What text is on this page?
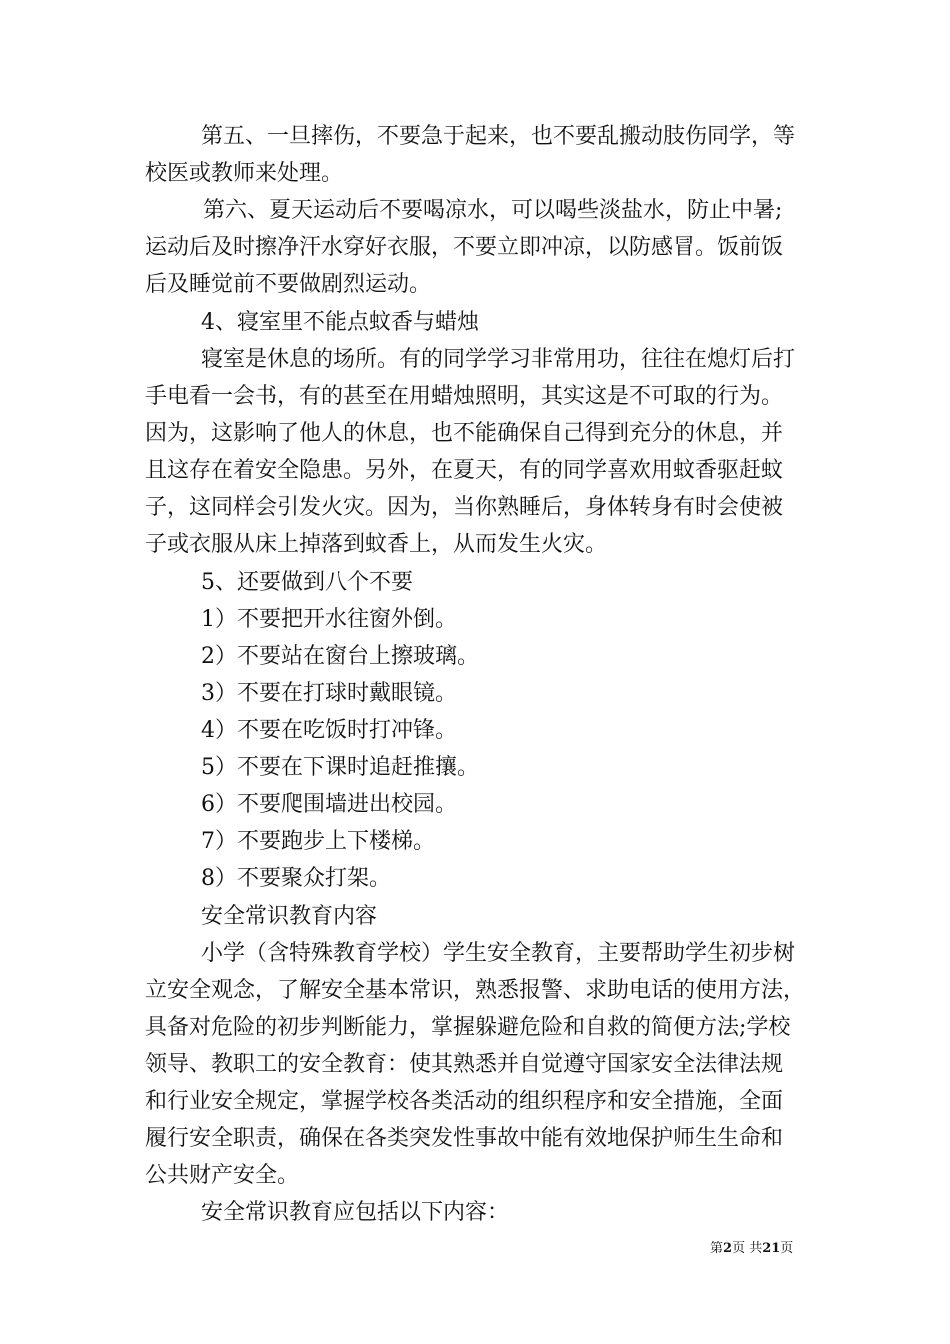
第五、一旦摔伤，不要急于起来，也不要乱搬动肢伤同学，等
校医或教师来处理。
第六、夏天运动后不要喝凉水，可以喝些淡盐水，防止中暑;
运动后及时擦净汗水穿好衣服，不要立即冲凉，以防感冒。饭前饭
后及睡觉前不要做剧烈运动。
4、寝室里不能点蚊香与蜡烛
寝室是休息的场所。有的同学学习非常用功，往往在熄灯后打
手电看一会书，有的甚至在用蜡烛照明，其实这是不可取的行为。
因为，这影响了他人的休息，也不能确保自己得到充分的休息，并
且这存在着安全隐患。另外，在夏天，有的同学喜欢用蚊香驱赶蚊
子，这同样会引发火灾。因为，当你熟睡后，身体转身有时会使被
子或衣服从床上掉落到蚊香上，从而发生火灾。
5、还要做到八个不要
1）不要把开水往窗外倒。
2）不要站在窗台上擦玻璃。
3）不要在打球时戴眼镜。
4）不要在吃饭时打冲锋。
5）不要在下课时追赶推攘。
6）不要爬围墙进出校园。
7）不要跑步上下楼梯。
8）不要聚众打架。
安全常识教育内容
小学（含特殊教育学校）学生安全教育，主要帮助学生初步树
立安全观念，了解安全基本常识，熟悉报警、求助电话的使用方法，
具备对危险的初步判断能力，掌握躲避危险和自救的简便方法;学校
领导、教职工的安全教育：使其熟悉并自觉遵守国家安全法律法规
和行业安全规定，掌握学校各类活动的组织程序和安全措施，全面
履行安全职责，确保在各类突发性事故中能有效地保护师生生命和
公共财产安全。
安全常识教育应包括以下内容：
第2页 共21页
